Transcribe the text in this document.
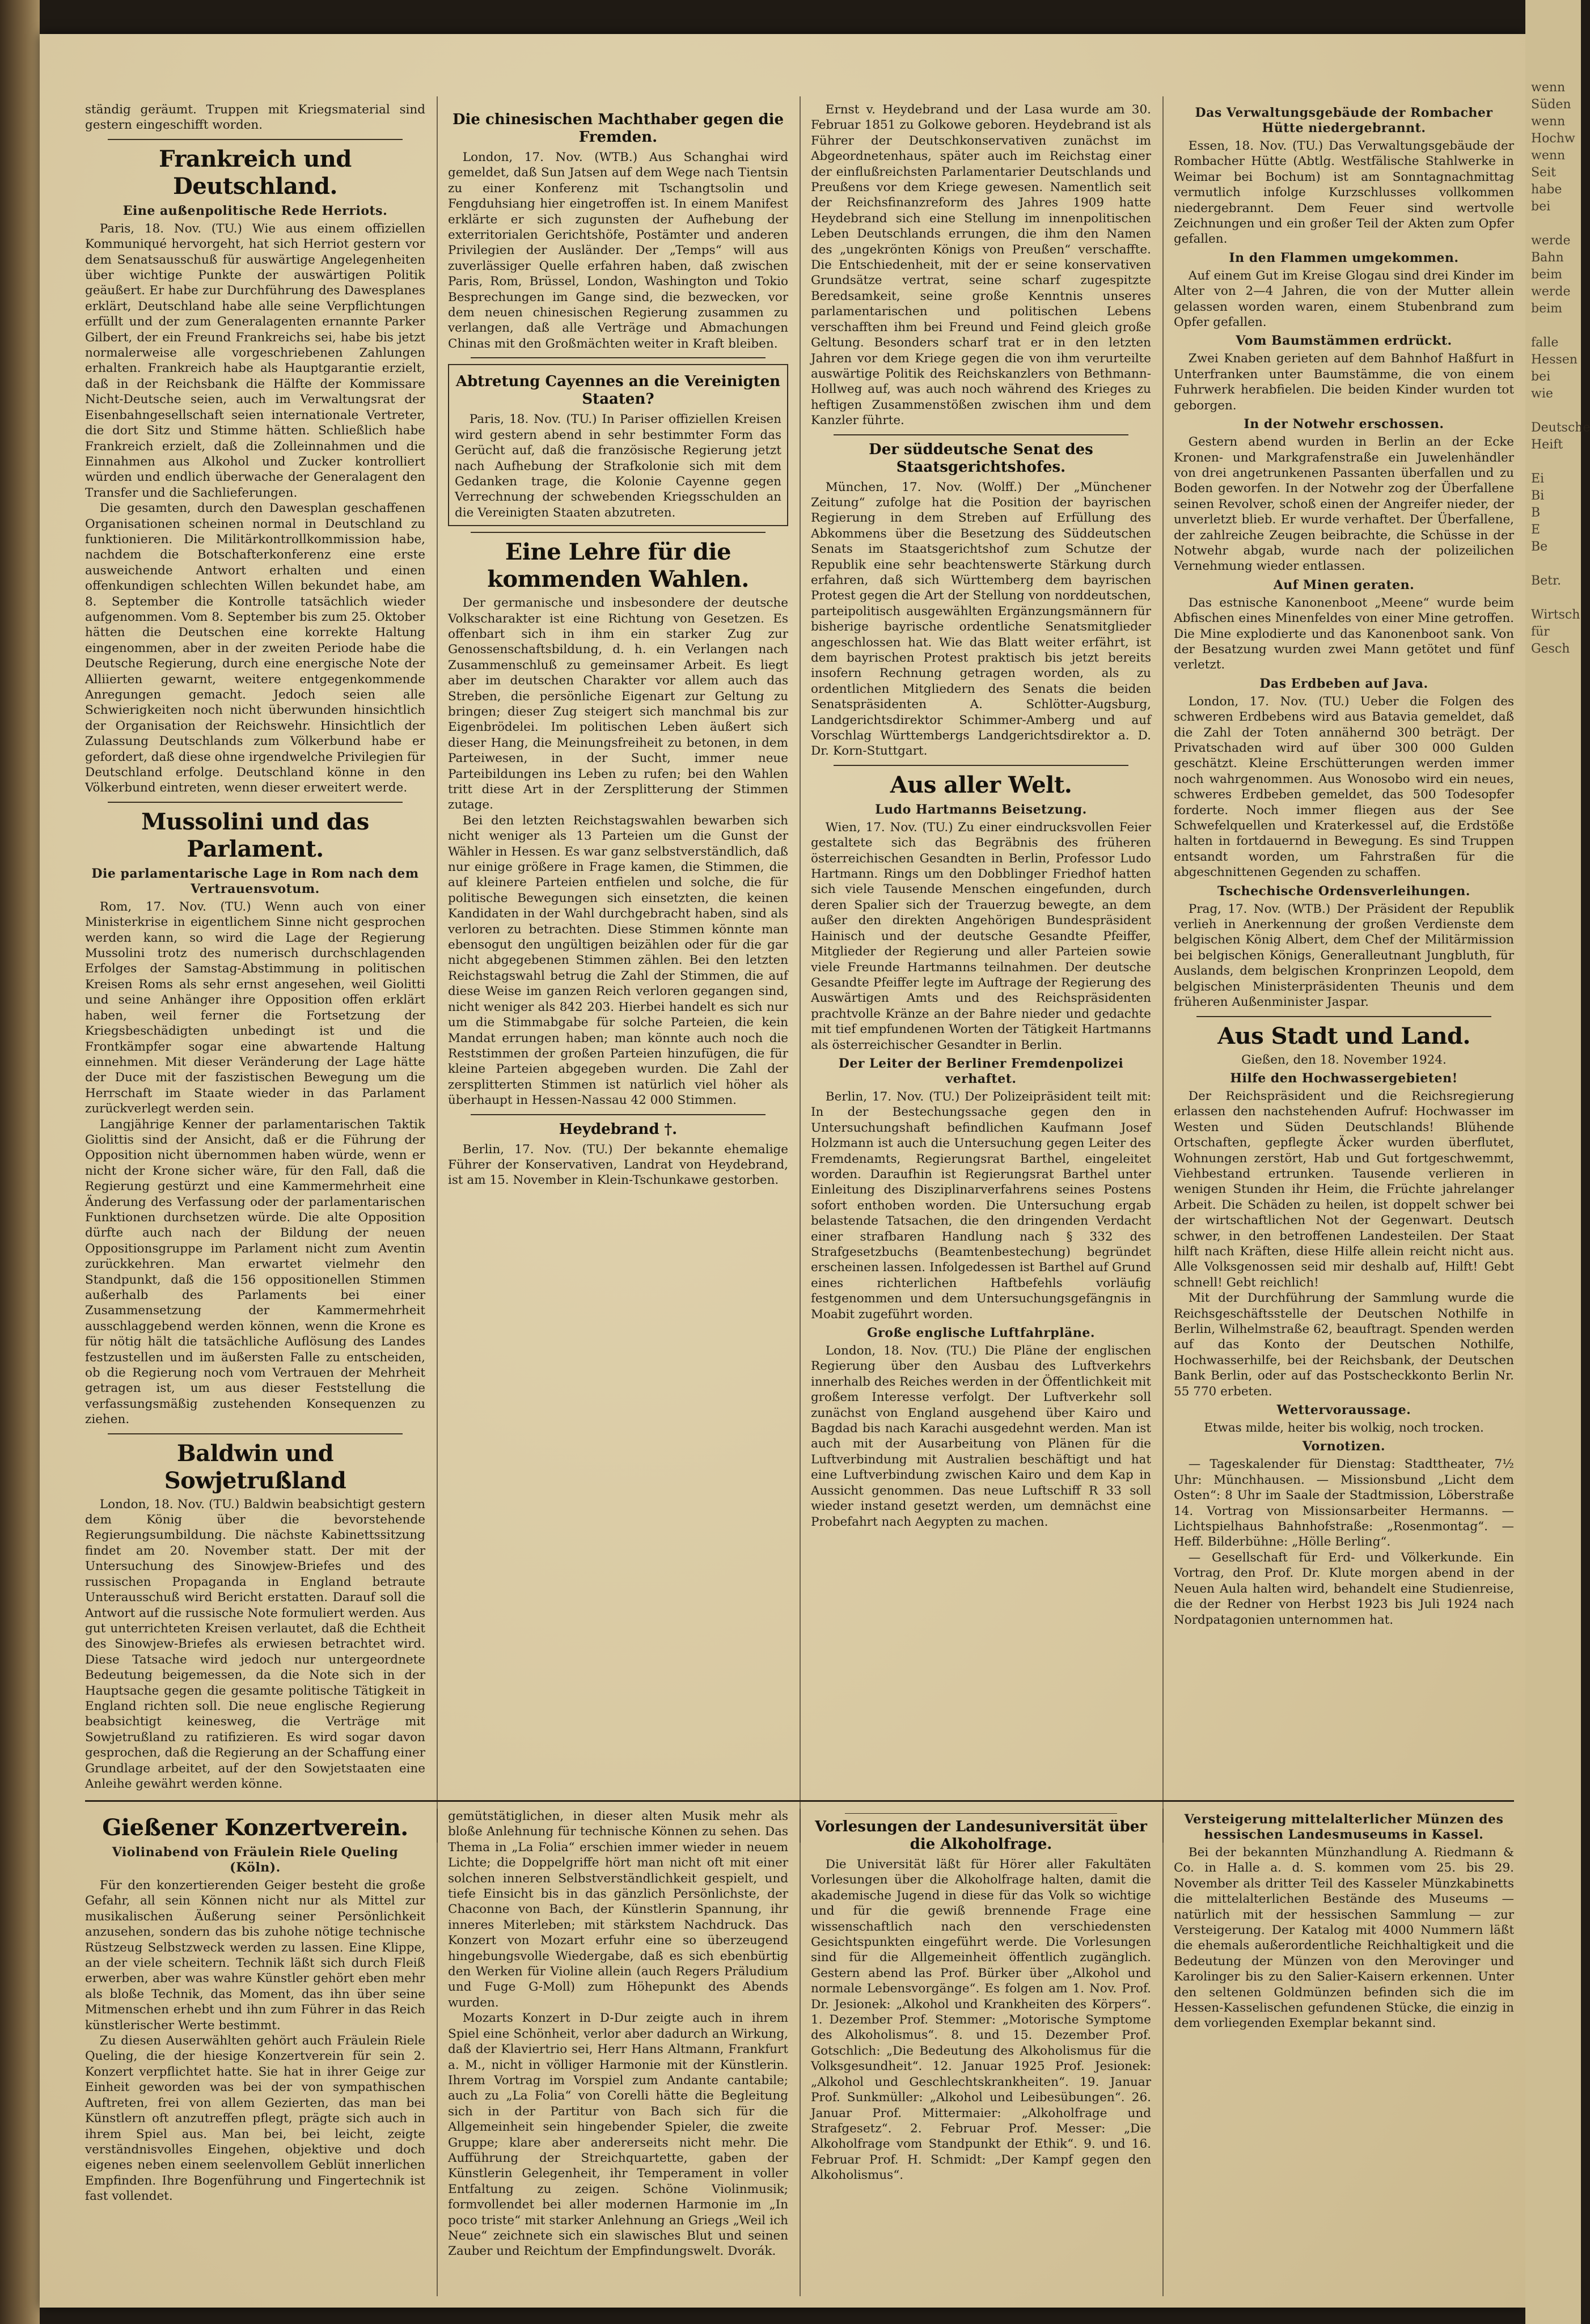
ständig geräumt. Truppen mit Kriegsmaterial sind gestern eingeschifft worden.

Frankreich und Deutschland.
Eine außenpolitische Rede Herriots.

Paris, 18. Nov. (TU.) Wie aus einem offiziellen Kommuniqué hervorgeht, hat sich Herriot gestern vor dem Senatsausschuß für auswärtige Angelegenheiten über wichtige Punkte der auswärtigen Politik geäußert. Er habe zur Durchführung des Dawesplanes erklärt, Deutschland habe alle seine Verpflichtungen erfüllt und der zum Generalagenten ernannte Parker Gilbert, der ein Freund Frankreichs sei, habe bis jetzt normalerweise alle vorgeschriebenen Zahlungen erhalten. Frankreich habe als Hauptgarantie erzielt, daß in der Reichsbank die Hälfte der Kommissare Nicht-Deutsche seien, auch im Verwaltungsrat der Eisenbahngesellschaft seien internationale Vertreter, die dort Sitz und Stimme hätten. Schließlich habe Frankreich erzielt, daß die Zolleinnahmen und die Einnahmen aus Alkohol und Zucker kontrolliert würden und endlich überwache der Generalagent den Transfer und die Sachlieferungen.

Die gesamten, durch den Dawesplan geschaffenen Organisationen scheinen normal in Deutschland zu funktionieren. Die Militärkontrollkommission habe, nachdem die Botschafterkonferenz eine erste ausweichende Antwort erhalten und einen offenkundigen schlechten Willen bekundet habe, am 8. September die Kontrolle tatsächlich wieder aufgenommen. Vom 8. September bis zum 25. Oktober hätten die Deutschen eine korrekte Haltung eingenommen, aber in der zweiten Periode habe die Deutsche Regierung, durch eine energische Note der Alliierten gewarnt, weitere entgegenkommende Anregungen gemacht. Jedoch seien alle Schwierigkeiten noch nicht überwunden hinsichtlich der Organisation der Reichswehr. Hinsichtlich der Zulassung Deutschlands zum Völkerbund habe er gefordert, daß diese ohne irgendwelche Privilegien für Deutschland erfolge. Deutschland könne in den Völkerbund eintreten, wenn dieser erweitert werde.

Mussolini und das Parlament.
Die parlamentarische Lage in Rom nach dem Vertrauensvotum.

Rom, 17. Nov. (TU.) Wenn auch von einer Ministerkrise in eigentlichem Sinne nicht gesprochen werden kann, so wird die Lage der Regierung Mussolini trotz des numerisch durchschlagenden Erfolges der Samstag-Abstimmung in politischen Kreisen Roms als sehr ernst angesehen, weil Giolitti und seine Anhänger ihre Opposition offen erklärt haben, weil ferner die Fortsetzung der Kriegsbeschädigten unbedingt ist und die Frontkämpfer sogar eine abwartende Haltung einnehmen. Mit dieser Veränderung der Lage hätte der Duce mit der faszistischen Bewegung um die Herrschaft im Staate wieder in das Parlament zurückverlegt werden sein.

Langjährige Kenner der parlamentarischen Taktik Giolittis sind der Ansicht, daß er die Führung der Opposition nicht übernommen haben würde, wenn er nicht der Krone sicher wäre, für den Fall, daß die Regierung gestürzt und eine Kammermehrheit eine Änderung des Verfassung oder der parlamentarischen Funktionen durchsetzen würde. Die alte Opposition dürfte auch nach der Bildung der neuen Oppositionsgruppe im Parlament nicht zum Aventin zurückkehren. Man erwartet vielmehr den Standpunkt, daß die 156 oppositionellen Stimmen außerhalb des Parlaments bei einer Zusammensetzung der Kammermehrheit ausschlaggebend werden können, wenn die Krone es für nötig hält die tatsächliche Auflösung des Landes festzustellen und im äußersten Falle zu entscheiden, ob die Regierung noch vom Vertrauen der Mehrheit getragen ist, um aus dieser Feststellung die verfassungsmäßig zustehenden Konsequenzen zu ziehen.

Baldwin und Sowjetrußland

London, 18. Nov. (TU.) Baldwin beabsichtigt gestern dem König über die bevorstehende Regierungsumbildung. Die nächste Kabinettssitzung findet am 20. November statt. Der mit der Untersuchung des Sinowjew-Briefes und des russischen Propaganda in England betraute Unterausschuß wird Bericht erstatten. Darauf soll die Antwort auf die russische Note formuliert werden. Aus gut unterrichteten Kreisen verlautet, daß die Echtheit des Sinowjew-Briefes als erwiesen betrachtet wird. Diese Tatsache wird jedoch nur untergeordnete Bedeutung beigemessen, da die Note sich in der Hauptsache gegen die gesamte politische Tätigkeit in England richten soll. Die neue englische Regierung beabsichtigt keinesweg, die Verträge mit Sowjetrußland zu ratifizieren. Es wird sogar davon gesprochen, daß die Regierung an der Schaffung einer Grundlage arbeitet, auf der den Sowjetstaaten eine Anleihe gewährt werden könne.

Die chinesischen Machthaber gegen die Fremden.

London, 17. Nov. (WTB.) Aus Schanghai wird gemeldet, daß Sun Jatsen auf dem Wege nach Tientsin zu einer Konferenz mit Tschangtsolin und Fengduhsiang hier eingetroffen ist. In einem Manifest erklärte er sich zugunsten der Aufhebung der exterritorialen Gerichtshöfe, Postämter und anderen Privilegien der Ausländer. Der „Temps“ will aus zuverlässiger Quelle erfahren haben, daß zwischen Paris, Rom, Brüssel, London, Washington und Tokio Besprechungen im Gange sind, die bezwecken, vor dem neuen chinesischen Regierung zusammen zu verlangen, daß alle Verträge und Abmachungen Chinas mit den Großmächten weiter in Kraft bleiben.

Abtretung Cayennes an die Vereinigten Staaten?

Paris, 18. Nov. (TU.) In Pariser offiziellen Kreisen wird gestern abend in sehr bestimmter Form das Gerücht auf, daß die französische Regierung jetzt nach Aufhebung der Strafkolonie sich mit dem Gedanken trage, die Kolonie Cayenne gegen Verrechnung der schwebenden Kriegsschulden an die Vereinigten Staaten abzutreten.

Eine Lehre für die kommenden Wahlen.

Der germanische und insbesondere der deutsche Volkscharakter ist eine Richtung von Gesetzen. Es offenbart sich in ihm ein starker Zug zur Genossenschaftsbildung, d. h. ein Verlangen nach Zusammenschluß zu gemeinsamer Arbeit. Es liegt aber im deutschen Charakter vor allem auch das Streben, die persönliche Eigenart zur Geltung zu bringen; dieser Zug steigert sich manchmal bis zur Eigenbrödelei. Im politischen Leben äußert sich dieser Hang, die Meinungsfreiheit zu betonen, in dem Parteiwesen, in der Sucht, immer neue Parteibildungen ins Leben zu rufen; bei den Wahlen tritt diese Art in der Zersplitterung der Stimmen zutage.

Bei den letzten Reichstagswahlen bewarben sich nicht weniger als 13 Parteien um die Gunst der Wähler in Hessen. Es war ganz selbstverständlich, daß nur einige größere in Frage kamen, die Stimmen, die auf kleinere Parteien entfielen und solche, die für politische Bewegungen sich einsetzten, die keinen Kandidaten in der Wahl durchgebracht haben, sind als verloren zu betrachten. Diese Stimmen könnte man ebensogut den ungültigen beizählen oder für die gar nicht abgegebenen Stimmen zählen. Bei den letzten Reichstagswahl betrug die Zahl der Stimmen, die auf diese Weise im ganzen Reich verloren gegangen sind, nicht weniger als 842 203. Hierbei handelt es sich nur um die Stimmabgabe für solche Parteien, die kein Mandat errungen haben; man könnte auch noch die Reststimmen der großen Parteien hinzufügen, die für kleine Parteien abgegeben wurden. Die Zahl der zersplitterten Stimmen ist natürlich viel höher als überhaupt in Hessen-Nassau 42 000 Stimmen.

Heydebrand †.

Berlin, 17. Nov. (TU.) Der bekannte ehemalige Führer der Konservativen, Landrat von Heydebrand, ist am 15. November in Klein-Tschunkawe gestorben.

Ernst v. Heydebrand und der Lasa wurde am 30. Februar 1851 zu Golkowe geboren. Heydebrand ist als Führer der Deutschkonservativen zunächst im Abgeordnetenhaus, später auch im Reichstag einer der einflußreichsten Parlamentarier Deutschlands und Preußens vor dem Kriege gewesen. Namentlich seit der Reichsfinanzreform des Jahres 1909 hatte Heydebrand sich eine Stellung im innenpolitischen Leben Deutschlands errungen, die ihm den Namen des „ungekrönten Königs von Preußen“ verschaffte. Die Entschiedenheit, mit der er seine konservativen Grundsätze vertrat, seine scharf zugespitzte Beredsamkeit, seine große Kenntnis unseres parlamentarischen und politischen Lebens verschafften ihm bei Freund und Feind gleich große Geltung. Besonders scharf trat er in den letzten Jahren vor dem Kriege gegen die von ihm verurteilte auswärtige Politik des Reichskanzlers von Bethmann-Hollweg auf, was auch noch während des Krieges zu heftigen Zusammenstößen zwischen ihm und dem Kanzler führte.

Der süddeutsche Senat des Staatsgerichtshofes.

München, 17. Nov. (Wolff.) Der „Münchener Zeitung“ zufolge hat die Position der bayrischen Regierung in dem Streben auf Erfüllung des Abkommens über die Besetzung des Süddeutschen Senats im Staatsgerichtshof zum Schutze der Republik eine sehr beachtenswerte Stärkung durch erfahren, daß sich Württemberg dem bayrischen Protest gegen die Art der Stellung von norddeutschen, parteipolitisch ausgewählten Ergänzungsmännern für bisherige bayrische ordentliche Senatsmitglieder angeschlossen hat. Wie das Blatt weiter erfährt, ist dem bayrischen Protest praktisch bis jetzt bereits insofern Rechnung getragen worden, als zu ordentlichen Mitgliedern des Senats die beiden Senatspräsidenten A. Schlötter-Augsburg, Landgerichtsdirektor Schimmer-Amberg und auf Vorschlag Württembergs Landgerichtsdirektor a. D. Dr. Korn-Stuttgart.

Aus aller Welt.
Ludo Hartmanns Beisetzung.

Wien, 17. Nov. (TU.) Zu einer eindrucksvollen Feier gestaltete sich das Begräbnis des früheren österreichischen Gesandten in Berlin, Professor Ludo Hartmann. Rings um den Dobblinger Friedhof hatten sich viele Tausende Menschen eingefunden, durch deren Spalier sich der Trauerzug bewegte, an dem außer den direkten Angehörigen Bundespräsident Hainisch und der deutsche Gesandte Pfeiffer, Mitglieder der Regierung und aller Parteien sowie viele Freunde Hartmanns teilnahmen. Der deutsche Gesandte Pfeiffer legte im Auftrage der Regierung des Auswärtigen Amts und des Reichspräsidenten prachtvolle Kränze an der Bahre nieder und gedachte mit tief empfundenen Worten der Tätigkeit Hartmanns als österreichischer Gesandter in Berlin.

Der Leiter der Berliner Fremdenpolizei verhaftet.

Berlin, 17. Nov. (TU.) Der Polizeipräsident teilt mit: In der Bestechungssache gegen den in Untersuchungshaft befindlichen Kaufmann Josef Holzmann ist auch die Untersuchung gegen Leiter des Fremdenamts, Regierungsrat Barthel, eingeleitet worden. Daraufhin ist Regierungsrat Barthel unter Einleitung des Disziplinarverfahrens seines Postens sofort enthoben worden. Die Untersuchung ergab belastende Tatsachen, die den dringenden Verdacht einer strafbaren Handlung nach § 332 des Strafgesetzbuchs (Beamtenbestechung) begründet erscheinen lassen. Infolgedessen ist Barthel auf Grund eines richterlichen Haftbefehls vorläufig festgenommen und dem Untersuchungsgefängnis in Moabit zugeführt worden.

Große englische Luftfahrpläne.

London, 18. Nov. (TU.) Die Pläne der englischen Regierung über den Ausbau des Luftverkehrs innerhalb des Reiches werden in der Öffentlichkeit mit großem Interesse verfolgt. Der Luftverkehr soll zunächst von England ausgehend über Kairo und Bagdad bis nach Karachi ausgedehnt werden. Man ist auch mit der Ausarbeitung von Plänen für die Luftverbindung mit Australien beschäftigt und hat eine Luftverbindung zwischen Kairo und dem Kap in Aussicht genommen. Das neue Luftschiff R 33 soll wieder instand gesetzt werden, um demnächst eine Probefahrt nach Aegypten zu machen.

Das Verwaltungsgebäude der Rombacher Hütte niedergebrannt.

Essen, 18. Nov. (TU.) Das Verwaltungsgebäude der Rombacher Hütte (Abtlg. Westfälische Stahlwerke in Weimar bei Bochum) ist am Sonntagnachmittag vermutlich infolge Kurzschlusses vollkommen niedergebrannt. Dem Feuer sind wertvolle Zeichnungen und ein großer Teil der Akten zum Opfer gefallen.

In den Flammen umgekommen.

Auf einem Gut im Kreise Glogau sind drei Kinder im Alter von 2—4 Jahren, die von der Mutter allein gelassen worden waren, einem Stubenbrand zum Opfer gefallen.

Vom Baumstämmen erdrückt.

Zwei Knaben gerieten auf dem Bahnhof Haßfurt in Unterfranken unter Baumstämme, die von einem Fuhrwerk herabfielen. Die beiden Kinder wurden tot geborgen.

In der Notwehr erschossen.

Gestern abend wurden in Berlin an der Ecke Kronen- und Markgrafenstraße ein Juwelenhändler von drei angetrunkenen Passanten überfallen und zu Boden geworfen. In der Notwehr zog der Überfallene seinen Revolver, schoß einen der Angreifer nieder, der unverletzt blieb. Er wurde verhaftet. Der Überfallene, der zahlreiche Zeugen beibrachte, die Schüsse in der Notwehr abgab, wurde nach der polizeilichen Vernehmung wieder entlassen.

Auf Minen geraten.

Das estnische Kanonenboot „Meene“ wurde beim Abfischen eines Minenfeldes von einer Mine getroffen. Die Mine explodierte und das Kanonenboot sank. Von der Besatzung wurden zwei Mann getötet und fünf verletzt.

Das Erdbeben auf Java.

London, 17. Nov. (TU.) Ueber die Folgen des schweren Erdbebens wird aus Batavia gemeldet, daß die Zahl der Toten annähernd 300 beträgt. Der Privatschaden wird auf über 300 000 Gulden geschätzt. Kleine Erschütterungen werden immer noch wahrgenommen. Aus Wonosobo wird ein neues, schweres Erdbeben gemeldet, das 500 Todesopfer forderte. Noch immer fliegen aus der See Schwefelquellen und Kraterkessel auf, die Erdstöße halten in fortdauernd in Bewegung. Es sind Truppen entsandt worden, um Fahrstraßen für die abgeschnittenen Gegenden zu schaffen.

Tschechische Ordensverleihungen.

Prag, 17. Nov. (WTB.) Der Präsident der Republik verlieh in Anerkennung der großen Verdienste dem belgischen König Albert, dem Chef der Militärmission bei belgischen Königs, Generalleutnant Jungbluth, für Auslands, dem belgischen Kronprinzen Leopold, dem belgischen Ministerpräsidenten Theunis und dem früheren Außenminister Jaspar.

Aus Stadt und Land.

Gießen, den 18. November 1924.

Hilfe den Hochwassergebieten!

Der Reichspräsident und die Reichsregierung erlassen den nachstehenden Aufruf: Hochwasser im Westen und Süden Deutschlands! Blühende Ortschaften, gepflegte Äcker wurden überflutet, Wohnungen zerstört, Hab und Gut fortgeschwemmt, Viehbestand ertrunken. Tausende verlieren in wenigen Stunden ihr Heim, die Früchte jahrelanger Arbeit. Die Schäden zu heilen, ist doppelt schwer bei der wirtschaftlichen Not der Gegenwart. Deutsch schwer, in den betroffenen Landesteilen. Der Staat hilft nach Kräften, diese Hilfe allein reicht nicht aus. Alle Volksgenossen seid mir deshalb auf, Hilft! Gebt schnell! Gebt reichlich!

Mit der Durchführung der Sammlung wurde die Reichsgeschäftsstelle der Deutschen Nothilfe in Berlin, Wilhelmstraße 62, beauftragt. Spenden werden auf das Konto der Deutschen Nothilfe, Hochwasserhilfe, bei der Reichsbank, der Deutschen Bank Berlin, oder auf das Postscheckkonto Berlin Nr. 55 770 erbeten.

Wettervoraussage.

Etwas milde, heiter bis wolkig, noch trocken.

Vornotizen.

— Tageskalender für Dienstag: Stadttheater, 7½ Uhr: Münchhausen. — Missionsbund „Licht dem Osten“: 8 Uhr im Saale der Stadtmission, Löberstraße 14. Vortrag von Missionsarbeiter Hermanns. — Lichtspielhaus Bahnhofstraße: „Rosenmontag“. — Heff. Bilderbühne: „Hölle Berling“.

— Gesellschaft für Erd- und Völkerkunde. Ein Vortrag, den Prof. Dr. Klute morgen abend in der Neuen Aula halten wird, behandelt eine Studienreise, die der Redner von Herbst 1923 bis Juli 1924 nach Nordpatagonien unternommen hat.

Gießener Konzertverein.
Violinabend von Fräulein Riele Queling (Köln).

Für den konzertierenden Geiger besteht die große Gefahr, all sein Können nicht nur als Mittel zur musikalischen Äußerung seiner Persönlichkeit anzusehen, sondern das bis zuhohe nötige technische Rüstzeug Selbstzweck werden zu lassen. Eine Klippe, an der viele scheitern. Technik läßt sich durch Fleiß erwerben, aber was wahre Künstler gehört eben mehr als bloße Technik, das Moment, das ihn über seine Mitmenschen erhebt und ihn zum Führer in das Reich künstlerischer Werte bestimmt.

Zu diesen Auserwählten gehört auch Fräulein Riele Queling, die der hiesige Konzertverein für sein 2. Konzert verpflichtet hatte. Sie hat in ihrer Geige zur Einheit geworden was bei der von sympathischen Auftreten, frei von allem Gezierten, das man bei Künstlern oft anzutreffen pflegt, prägte sich auch in ihrem Spiel aus. Man bei, bei leicht, zeigte verständnisvolles Eingehen, objektive und doch eigenes neben einem seelenvollem Geblüt innerlichen Empfinden. Ihre Bogenführung und Fingertechnik ist fast vollendet.

gemütstätiglichen, in dieser alten Musik mehr als bloße Anlehnung für technische Können zu sehen. Das Thema in „La Folia“ erschien immer wieder in neuem Lichte; die Doppelgriffe hört man nicht oft mit einer solchen inneren Selbstverständlichkeit gespielt, und tiefe Einsicht bis in das gänzlich Persönlichste, der Chaconne von Bach, der Künstlerin Spannung, ihr inneres Miterleben; mit stärkstem Nachdruck. Das Konzert von Mozart erfuhr eine so überzeugend hingebungsvolle Wiedergabe, daß es sich ebenbürtig den Werken für Violine allein (auch Regers Präludium und Fuge G-Moll) zum Höhepunkt des Abends wurden.

Mozarts Konzert in D-Dur zeigte auch in ihrem Spiel eine Schönheit, verlor aber dadurch an Wirkung, daß der Klaviertrio sei, Herr Hans Altmann, Frankfurt a. M., nicht in völliger Harmonie mit der Künstlerin. Ihrem Vortrag im Vorspiel zum Andante cantabile; auch zu „La Folia“ von Corelli hätte die Begleitung sich in der Partitur von Bach sich für die Allgemeinheit sein hingebender Spieler, die zweite Gruppe; klare aber andererseits nicht mehr. Die Aufführung der Streichquartette, gaben der Künstlerin Gelegenheit, ihr Temperament in voller Entfaltung zu zeigen. Schöne Violinmusik; formvollendet bei aller modernen Harmonie im „In poco triste“ mit starker Anlehnung an Griegs „Weil ich Neue“ zeichnete sich ein slawisches Blut und seinen Zauber und Reichtum der Empfindungswelt. Dvorák.

Vorlesungen der Landesuniversität über die Alkoholfrage.

Die Universität läßt für Hörer aller Fakultäten Vorlesungen über die Alkoholfrage halten, damit die akademische Jugend in diese für das Volk so wichtige und für die gewiß brennende Frage eine wissenschaftlich nach den verschiedensten Gesichtspunkten eingeführt werde. Die Vorlesungen sind für die Allgemeinheit öffentlich zugänglich. Gestern abend las Prof. Bürker über „Alkohol und normale Lebensvorgänge“. Es folgen am 1. Nov. Prof. Dr. Jesionek: „Alkohol und Krankheiten des Körpers“. 1. Dezember Prof. Stemmer: „Motorische Symptome des Alkoholismus“. 8. und 15. Dezember Prof. Gotschlich: „Die Bedeutung des Alkoholismus für die Volksgesundheit“. 12. Januar 1925 Prof. Jesionek: „Alkohol und Geschlechtskrankheiten“. 19. Januar Prof. Sunkmüller: „Alkohol und Leibesübungen“. 26. Januar Prof. Mittermaier: „Alkoholfrage und Strafgesetz“. 2. Februar Prof. Messer: „Die Alkoholfrage vom Standpunkt der Ethik“. 9. und 16. Februar Prof. H. Schmidt: „Der Kampf gegen den Alkoholismus“.

Versteigerung mittelalterlicher Münzen des hessischen Landesmuseums in Kassel.

Bei der bekannten Münzhandlung A. Riedmann & Co. in Halle a. d. S. kommen vom 25. bis 29. November als dritter Teil des Kasseler Münzkabinetts die mittelalterlichen Bestände des Museums — natürlich mit der hessischen Sammlung — zur Versteigerung. Der Katalog mit 4000 Nummern läßt die ehemals außerordentliche Reichhaltigkeit und die Bedeutung der Münzen von den Merovinger und Karolinger bis zu den Salier-Kaisern erkennen. Unter den seltenen Goldmünzen befinden sich die im Hessen-Kasselischen gefundenen Stücke, die einzig in dem vorliegenden Exemplar bekannt sind.

wenn
Süden
wenn
Hochw
wenn
Seit
habe
bei

werde
Bahn
beim
werde
beim

falle
Hessen
bei
wie

Deutsche
Heift

Ei
Bi
B
E
Be

Betr.

Wirtsch
für
Gesch
